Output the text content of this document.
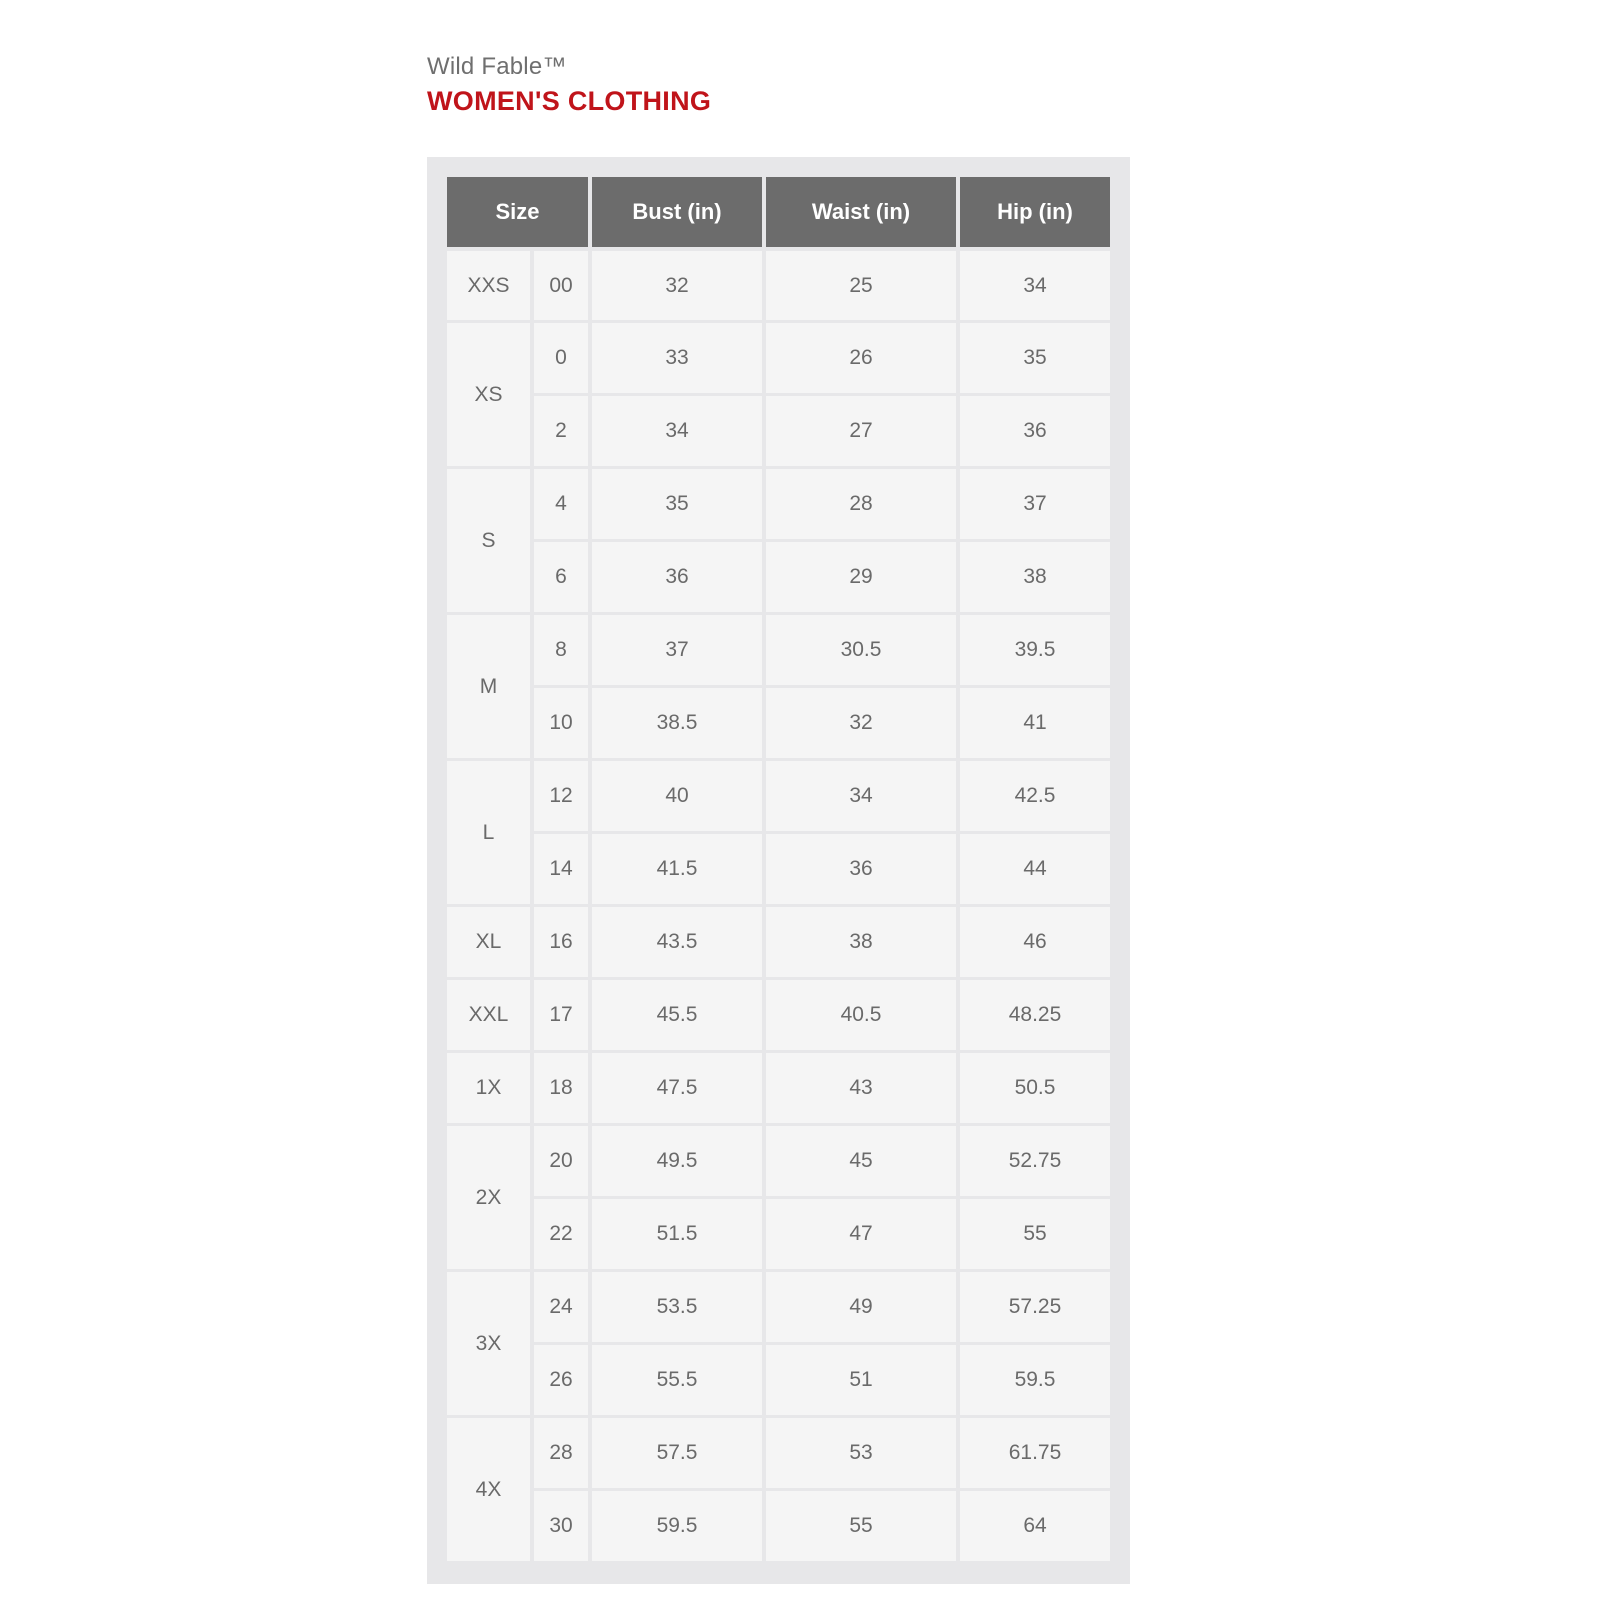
Wild Fable™
WOMEN'S CLOTHING
Size		Bust (in)	Waist (in)	Hip (in)
XXS	00	32	25	34
XS	0	33	26	35
	2	34	27	36
S	4	35	28	37
	6	36	29	38
M	8	37	30.5	39.5
	10	38.5	32	41
L	12	40	34	42.5
	14	41.5	36	44
XL	16	43.5	38	46
XXL	17	45.5	40.5	48.25
1X	18	47.5	43	50.5
2X	20	49.5	45	52.75
	22	51.5	47	55
3X	24	53.5	49	57.25
	26	55.5	51	59.5
4X	28	57.5	53	61.75
	30	59.5	55	64
